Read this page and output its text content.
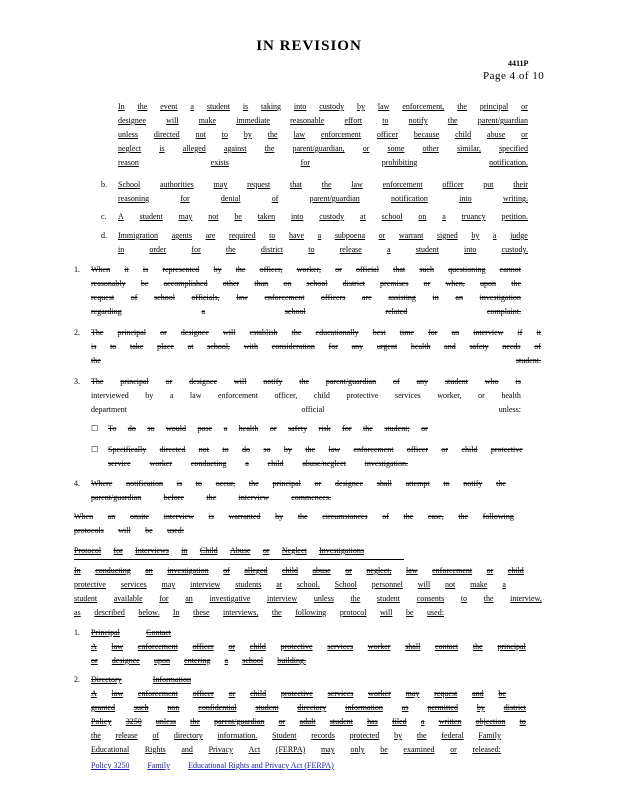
IN REVISION
4411P
Page 4 of 10
In the event a student is taking into custody by law enforcement, the principal or
designee	will	make	immediate	reasonable	effort	to	notify	the	parent/guardian
unless directed not to by the law enforcement officer because child abuse or
neglect is alleged against the parent/guardian, or some other similar, specified
reason	exists	for	prohibiting	notification.
b. School authorities may request that the law enforcement officer put their
reasoning	for	denial	of	parent/guardian	notification	into	writing.
c. A student may not be taken into custody at school on a truancy petition.
d. Immigration agents are required to have a subpoena or warrant signed by a judge
in	order	for	the	district	to	release	a	student	into	custody.
1. When it is represented by the officer, worker, or official that such questioning cannot
reasonably be accomplished other than on school district premises or when, upon the
request of school officials, law enforcement officers are assisting in an investigation
regarding	a	school	related	complaint.
2. The principal or designee will establish the educationally best time for an interview if it
is to take place at school, with consideration for any urgent health and safety needs of
the	student.
3. The principal or designee will notify the parent/guardian of any student who is
interviewed by a law enforcement officer, child protective services worker, or health
department	official	unless:
☐ To do so would pose a health or safety risk for the student; or
☐ Specifically directed not to do so by the law enforcement officer or child protective
service worker conducting a child abuse/neglect investigation.
4. Where notification is to occur, the principal or designee shall attempt to notify the
parent/guardian	before	the	interview	commences.
When an onsite interview is warranted by the circumstances of the case, the following
protocols will be used:
Protocol for Interviews in Child Abuse or Neglect Investigations
In conducting an investigation of alleged child abuse or neglect, law enforcement or child
protective services may interview students at school. School personnel will not make a
student available for an investigative interview unless the student consents to the interview,
as described below. In these interviews, the following protocol will be used:
1. Principal	Contact
A law enforcement officer or child protective services worker shall contact the principal
or designee upon entering a school building.
2. Directory	Information
A law enforcement officer or child protective services worker may request and be
granted such non confidential student directory information as permitted by district
Policy 3250 unless the parent/guardian or adult student has filed a written objection to
the release of directory information. Student records protected by the federal Family
Educational Rights and Privacy Act (FERPA) may only be examined or released:
Policy 3250 Family Educational Rights and Privacy Act (FERPA)
